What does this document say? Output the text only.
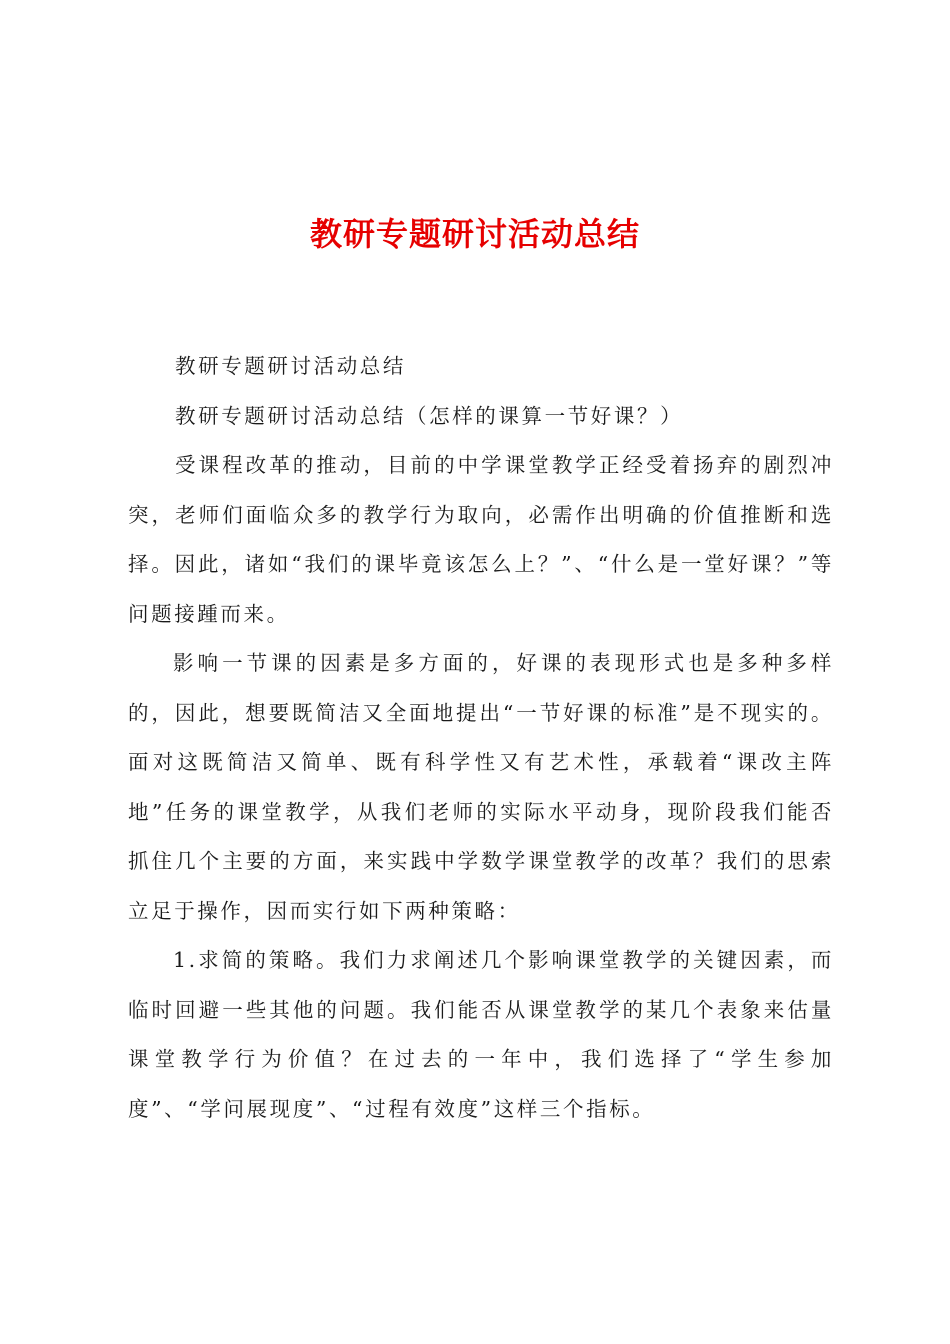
教研专题研讨活动总结

教研专题研讨活动总结

教研专题研讨活动总结（怎样的课算一节好课？）

受课程改革的推动，目前的中学课堂教学正经受着扬弃的剧烈冲突，老师们面临众多的教学行为取向，必需作出明确的价值推断和选择。因此，诸如“我们的课毕竟该怎么上？”、“什么是一堂好课？”等问题接踵而来。

影响一节课的因素是多方面的，好课的表现形式也是多种多样的，因此，想要既简洁又全面地提出“一节好课的标准”是不现实的。面对这既简洁又简单、既有科学性又有艺术性，承载着“课改主阵地”任务的课堂教学，从我们老师的实际水平动身，现阶段我们能否抓住几个主要的方面，来实践中学数学课堂教学的改革？我们的思索立足于操作，因而实行如下两种策略：

1.求简的策略。我们力求阐述几个影响课堂教学的关键因素，而临时回避一些其他的问题。我们能否从课堂教学的某几个表象来估量课堂教学行为价值？在过去的一年中，我们选择了“学生参加度”、“学问展现度”、“过程有效度”这样三个指标。
